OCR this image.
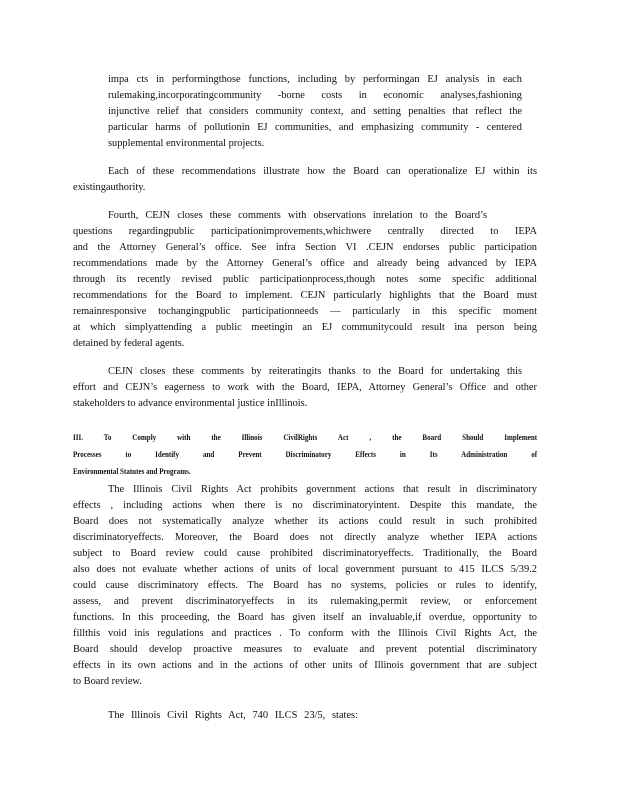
impa cts in performingthose functions, including by performingan EJ analysis in each
rulemaking,incorporatingcommunity -borne costs in economic analyses,fashioning
injunctive relief that considers community context, and setting penalties that reflect the
particular harms of pollutionin EJ communities, and emphasizing community - centered
supplemental environmental projects.
Each of these recommendations illustrate how the Board can operationalize EJ within its
existingauthority.
Fourth, CEJN closes these comments with observations inrelation to the Board’s
questions regardingpublic participationimprovements,whichwere centrally directed to IEPA
and the Attorney General’s office. See infra Section VI .CEJN endorses public participation
recommendations made by the Attorney General’s office and already being advanced by IEPA
through its recently revised public participationprocess,though notes some specific additional
recommendations for the Board to implement. CEJN particularly highlights that the Board must
remainresponsive tochangingpublic participationneeds — particularly in this specific moment
at which simplyattending a public meetingin an EJ communitycould result ina person being
detained by federal agents.
CEJN closes these comments by reiteratingits thanks to the Board for undertaking this
effort and CEJN’s eagerness to work with the Board, IEPA, Attorney General’s Office and other
stakeholders to advance environmental justice inIllinois.
III. To Comply with the Illinois CivilRights Act , the Board Should Implement
Processes to Identify and Prevent Discriminatory Effects in Its Administration of
Environmental Statutes and Programs.
The Illinois Civil Rights Act prohibits government actions that result in discriminatory
effects , including actions when there is no discriminatoryintent. Despite this mandate, the
Board does not systematically analyze whether its actions could result in such prohibited
discriminatoryeffects. Moreover, the Board does not directly analyze whether IEPA actions
subject to Board review could cause prohibited discriminatoryeffects. Traditionally, the Board
also does not evaluate whether actions of units of local government pursuant to 415 ILCS 5/39.2
could cause discriminatory effects. The Board has no systems, policies or rules to identify,
assess, and prevent discriminatoryeffects in its rulemaking,permit review, or enforcement
functions. In this proceeding, the Board has given itself an invaluable,if overdue, opportunity to
fillthis void inis regulations and practices . To conform with the Illinois Civil Rights Act, the
Board should develop proactive measures to evaluate and prevent potential discriminatory
effects in its own actions and in the actions of other units of Illinois government that are subject
to Board review.
The Illinois Civil Rights Act, 740 ILCS 23/5, states:
